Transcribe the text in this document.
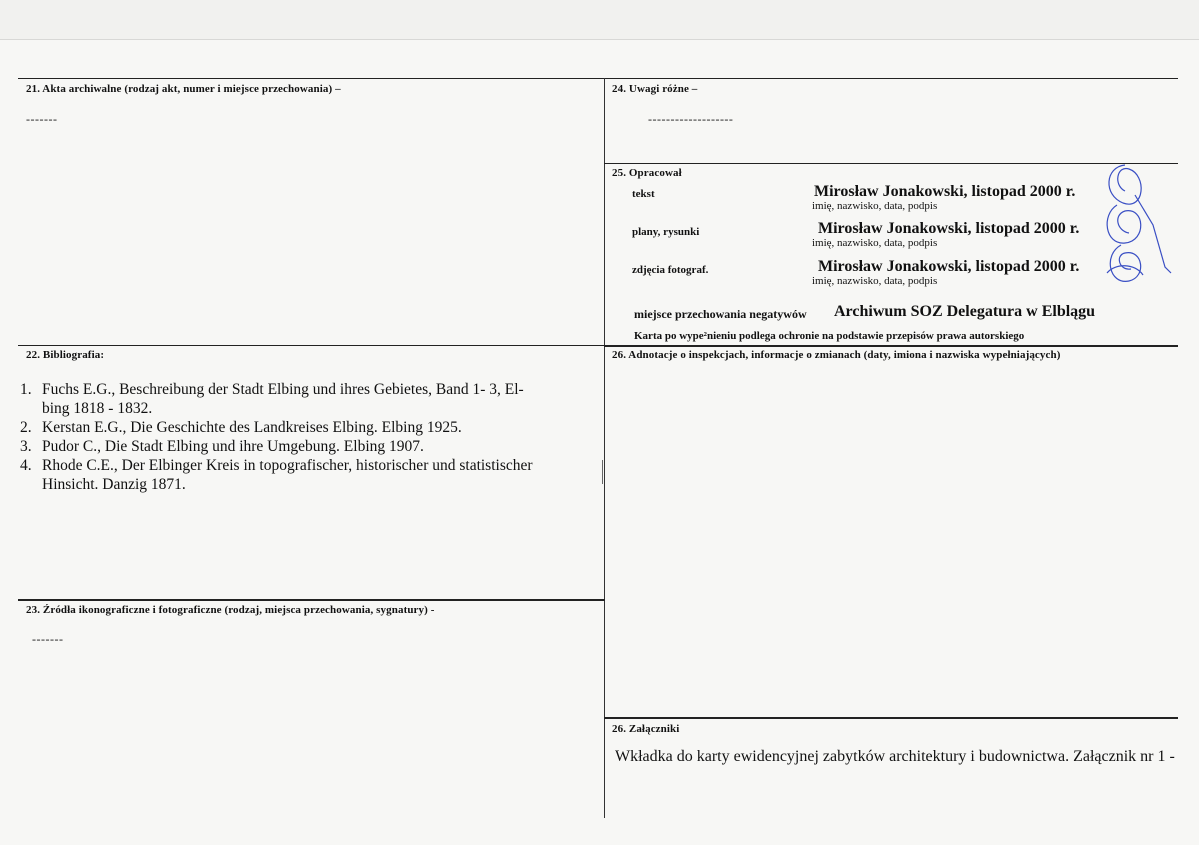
21. Akta archiwalne (rodzaj akt, numer i miejsce przechowania) –
-------
24. Uwagi różne –
-------------------
25. Opracował
tekst	Mirosław Jonakowski, listopad 2000 r.
imię, nazwisko, data, podpis
plany, rysunki	Mirosław Jonakowski, listopad 2000 r.
imię, nazwisko, data, podpis
zdjęcia fotograf.	Mirosław Jonakowski, listopad 2000 r.
imię, nazwisko, data, podpis
miejsce przechowania negatywów Archiwum SOZ Delegatura w Elblągu
Karta po wype²nieniu podlega ochronie na podstawie przepisów prawa autorskiego
22. Bibliografia:
1. Fuchs E.G., Beschreibung der Stadt Elbing und ihres Gebietes, Band 1- 3, El-
bing 1818 - 1832.
2. Kerstan E.G., Die Geschichte des Landkreises Elbing. Elbing 1925.
3. Pudor C., Die Stadt Elbing und ihre Umgebung. Elbing 1907.
4. Rhode C.E., Der Elbinger Kreis in topografischer, historischer und statistischer
Hinsicht. Danzig 1871.
26. Adnotacje o inspekcjach, informacje o zmianach (daty, imiona i nazwiska wypełniających)
23. Źródła ikonograficzne i fotograficzne (rodzaj, miejsca przechowania, sygnatury) -
-------
26. Załączniki
Wkładka do karty ewidencyjnej zabytków architektury i budownictwa. Załącznik nr 1 -
